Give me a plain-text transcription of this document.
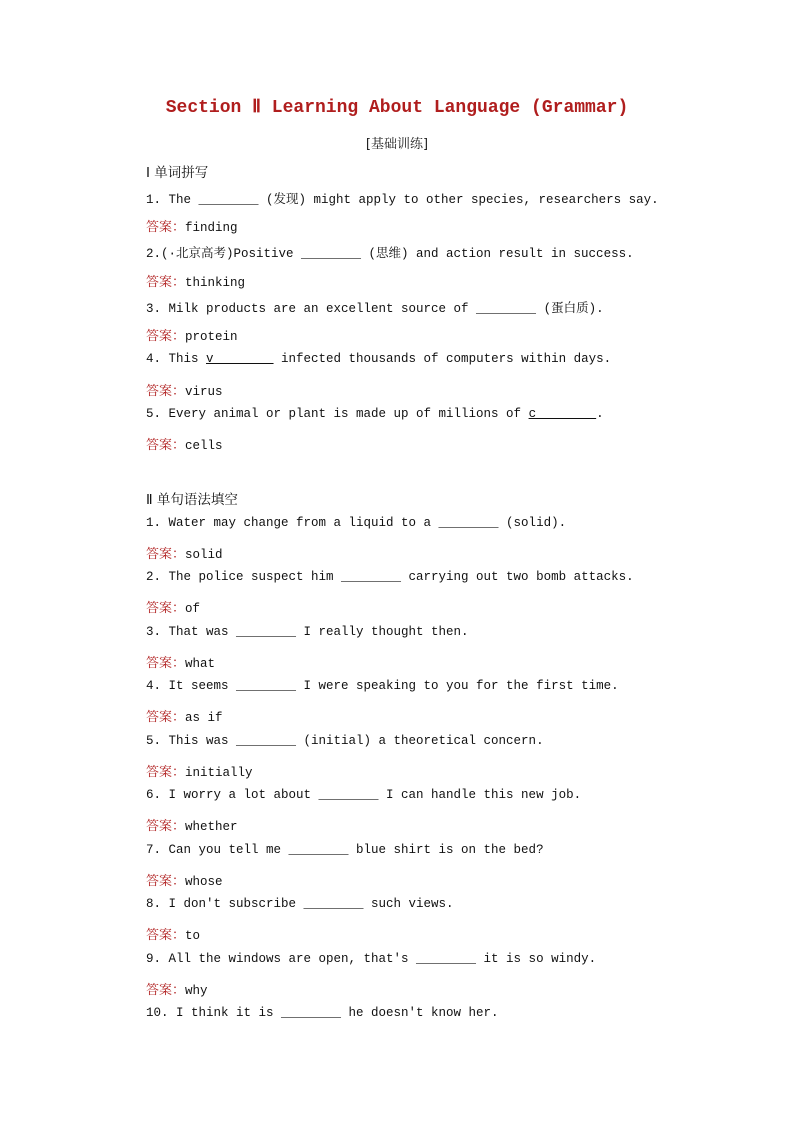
Section Ⅱ Learning About Language (Grammar)
[基础训练]
Ⅰ 单词拼写
1. The ________ (发现) might apply to other species, researchers say.
答案：finding
2.(·北京高考)Positive ________ (思维) and action result in success.
答案：thinking
3. Milk products are an excellent source of ________ (蛋白质).
答案：protein
4. This v________ infected thousands of computers within days.
答案：virus
5. Every animal or plant is made up of millions of c________.
答案：cells
Ⅱ 单句语法填空
1. Water may change from a liquid to a ________ (solid).
答案：solid
2. The police suspect him ________ carrying out two bomb attacks.
答案：of
3. That was ________ I really thought then.
答案：what
4. It seems ________ I were speaking to you for the first time.
答案：as if
5. This was ________ (initial) a theoretical concern.
答案：initially
6. I worry a lot about ________ I can handle this new job.
答案：whether
7. Can you tell me ________ blue shirt is on the bed?
答案：whose
8. I don't subscribe ________ such views.
答案：to
9. All the windows are open, that's ________ it is so windy.
答案：why
10. I think it is ________ he doesn't know her.
